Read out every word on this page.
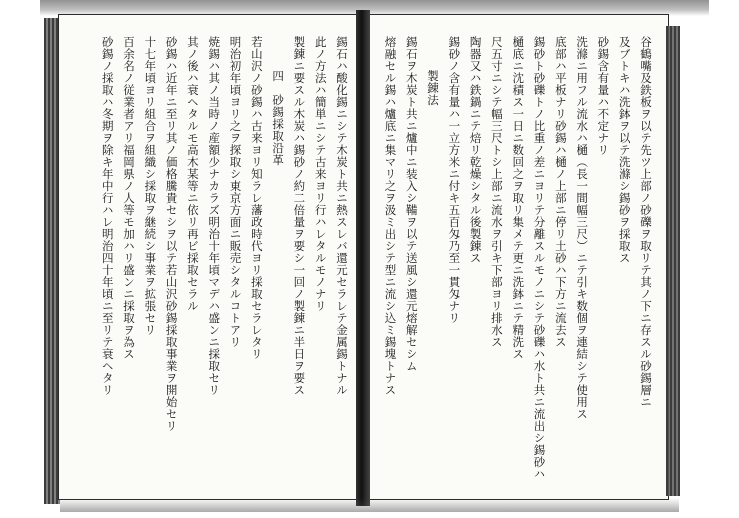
谷鶴嘴及鉄板ヲ以テ先ツ上部ノ砂礫ヲ取リテ其ノ下ニ存スル砂錫層ニ

及ブトキハ洗鉢ヲ以テ洗滌シ錫砂ヲ採取ス

砂錫含有量ハ不定ナリ

洗滌ニ用フル流水ハ樋（長一間幅三尺）ニテ引キ数個ヲ連結シテ使用ス

底部ハ平板ナリ砂錫ハ樋ノ上部ニ停リ土砂ハ下方ニ流去ス

錫砂ト砂礫トノ比重ノ差ニヨリテ分離スルモノニシテ砂礫ハ水ト共ニ流出シ錫砂ハ

樋底ニ沈積ス一日ニ数回之ヲ取リ集メテ更ニ洗鉢ニテ精洗ス

尺五寸ニシテ幅三尺トシ上部ニ流水ヲ引キ下部ヨリ排水ス

陶器又ハ鉄鍋ニテ焙リ乾燥シタル後製錬ス

錫砂ノ含有量ハ一立方米ニ付キ五百匁乃至一貫匁ナリ

製錬法

錫石ヲ木炭ト共ニ爐中ニ装入シ鞴ヲ以テ送風シ還元熔解セシム

熔融セル錫ハ爐底ニ集マリ之ヲ汲ミ出シテ型ニ流シ込ミ錫塊トナス

錫石ハ酸化錫ニシテ木炭ト共ニ熱スレバ還元セラレテ金属錫トナル

此ノ方法ハ簡単ニシテ古来ヨリ行ハレタルモノナリ

製錬ニ要スル木炭ハ錫砂ノ約二倍量ヲ要シ一回ノ製錬ニ半日ヲ要ス

四　砂錫採取沿革

若山沢ノ砂錫ハ古来ヨリ知ラレ藩政時代ヨリ採取セラレタリ

明治初年頃ヨリ之ヲ探取シ東京方面ニ販売シタルコトアリ

焼錫ハ其ノ当時ノ産額少ナカラズ明治十年頃マデハ盛ンニ採取セリ

其ノ後ハ衰ヘタルモ高木某等ニ依リ再ビ採取セラル

砂錫ハ近年ニ至リ其ノ価格騰貴セシヲ以テ若山沢砂錫採取事業ヲ開始セリ

十七年頃ヨリ組合ヲ組織シ採取ヲ継続シ事業ヲ拡張セリ

百余名ノ従業者アリ福岡県ノ人等モ加ハリ盛ンニ採取ヲ為ス

砂錫ノ採取ハ冬期ヲ除キ年中行ハレ明治四十年頃ニ至リテ衰ヘタリ
